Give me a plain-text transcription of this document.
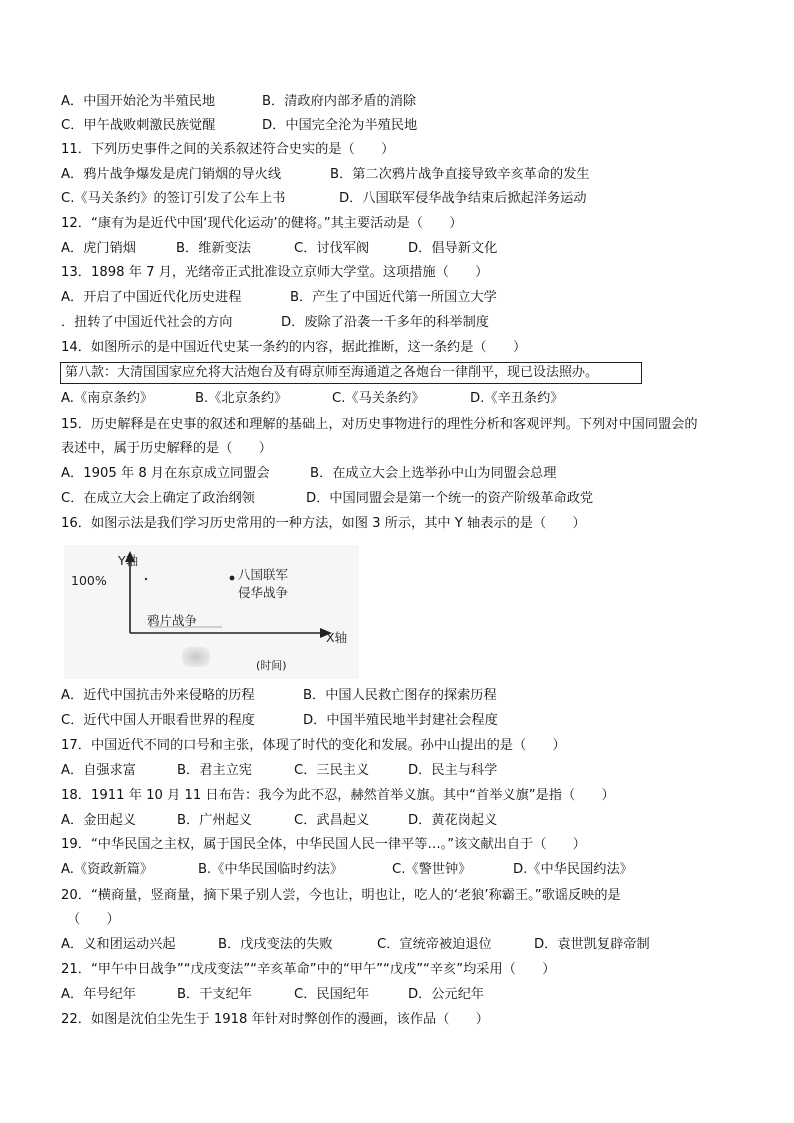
A．中国开始沦为半殖民地	B．清政府内部矛盾的消除
C．甲午战败刺激民族觉醒	D．中国完全沦为半殖民地
11．下列历史事件之间的关系叙述符合史实的是（　　）
A．鸦片战争爆发是虎门销烟的导火线	B．第二次鸦片战争直接导致辛亥革命的发生
C.《马关条约》的签订引发了公车上书	D．八国联军侵华战争结束后掀起洋务运动
12．“康有为是近代中国‘现代化运动’的健将。”其主要活动是（　　）
A．虎门销烟	B．维新变法	C．讨伐军阀	D．倡导新文化
13．1898 年 7 月，光绪帝正式批准设立京师大学堂。这项措施（　　）
A．开启了中国近代化历史进程	B．产生了中国近代第一所国立大学
．扭转了中国近代社会的方向	D．废除了沿袭一千多年的科举制度
14．如图所示的是中国近代史某一条约的内容，据此推断，这一条约是（　　）
第八款：大清国国家应允将大沽炮台及有碍京师至海通道之各炮台一律削平，现已设法照办。
A.《南京条约》	B.《北京条约》	C.《马关条约》	D.《辛丑条约》
15．历史解释是在史事的叙述和理解的基础上，对历史事物进行的理性分析和客观评判。下列对中国同盟会的
表述中，属于历史解释的是（　　）
A．1905 年 8 月在东京成立同盟会	B．在成立大会上选举孙中山为同盟会总理
C．在成立大会上确定了政治纲领	D．中国同盟会是第一个统一的资产阶级革命政党
16．如图示法是我们学习历史常用的一种方法，如图 3 所示，其中 Y 轴表示的是（　　）
Y轴
100%	八国联军
侵华战争
鸦片战争
X轴
(时间)
A．近代中国抗击外来侵略的历程	B．中国人民救亡图存的探索历程
C．近代中国人开眼看世界的程度	D．中国半殖民地半封建社会程度
17．中国近代不同的口号和主张，体现了时代的变化和发展。孙中山提出的是（　　）
A．自强求富	B．君主立宪	C．三民主义	D．民主与科学
18．1911 年 10 月 11 日布告：我今为此不忍，赫然首举义旗。其中“首举义旗”是指（　　）
A．金田起义	B．广州起义	C．武昌起义	D．黄花岗起义
19．“中华民国之主权，属于国民全体，中华民国人民一律平等…。”该文献出自于（　　）
A.《资政新篇》	B.《中华民国临时约法》	C.《警世钟》	D.《中华民国约法》
20．“横商量，竖商量，摘下果子别人尝，今也让，明也让，吃人的‘老狼’称霸王。”歌谣反映的是
（　　）
A．义和团运动兴起	B．戊戌变法的失败	C．宣统帝被迫退位	D．袁世凯复辟帝制
21．“甲午中日战争”“戊戌变法”“辛亥革命”中的“甲午”“戊戌”“辛亥”均采用（　　）
A．年号纪年	B．干支纪年	C．民国纪年	D．公元纪年
22．如图是沈伯尘先生于 1918 年针对时弊创作的漫画，该作品（　　）
